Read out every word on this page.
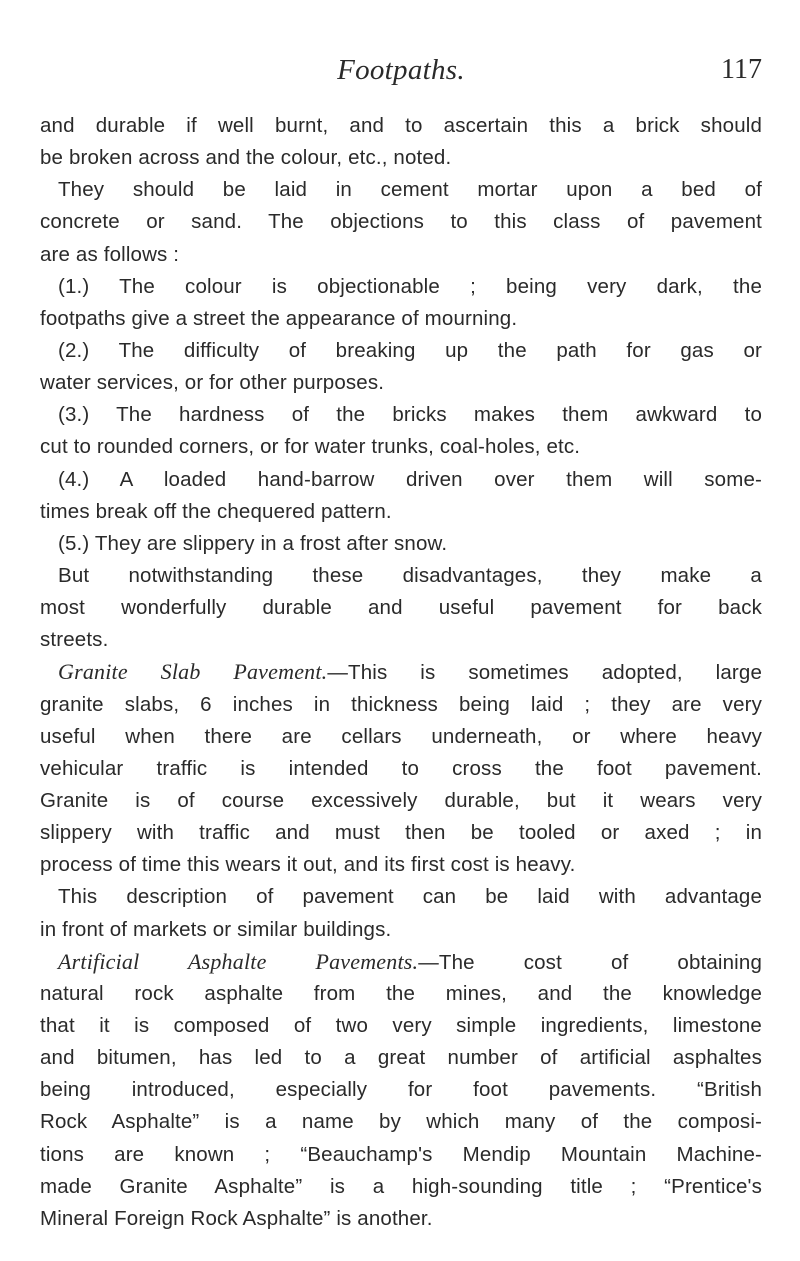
Footpaths.	117
and durable if well burnt, and to ascertain this a brick should
be broken across and the colour, etc., noted.
They should be laid in cement mortar upon a bed of
concrete or sand. The objections to this class of pavement
are as follows :
(1.) The colour is objectionable ; being very dark, the
footpaths give a street the appearance of mourning.
(2.) The difficulty of breaking up the path for gas or
water services, or for other purposes.
(3.) The hardness of the bricks makes them awkward to
cut to rounded corners, or for water trunks, coal-holes, etc.
(4.) A loaded hand-barrow driven over them will some-
times break off the chequered pattern.
(5.) They are slippery in a frost after snow.
But notwithstanding these disadvantages, they make a
most wonderfully durable and useful pavement for back
streets.
Granite Slab Pavement.—This is sometimes adopted, large
granite slabs, 6 inches in thickness being laid ; they are very
useful when there are cellars underneath, or where heavy
vehicular traffic is intended to cross the foot pavement.
Granite is of course excessively durable, but it wears very
slippery with traffic and must then be tooled or axed ; in
process of time this wears it out, and its first cost is heavy.
This description of pavement can be laid with advantage
in front of markets or similar buildings.
Artificial Asphalte Pavements.—The cost of obtaining
natural rock asphalte from the mines, and the knowledge
that it is composed of two very simple ingredients, limestone
and bitumen, has led to a great number of artificial asphaltes
being introduced, especially for foot pavements. “British
Rock Asphalte” is a name by which many of the composi-
tions are known ; “Beauchamp's Mendip Mountain Machine-
made Granite Asphalte” is a high-sounding title ; “Prentice's
Mineral Foreign Rock Asphalte” is another.
